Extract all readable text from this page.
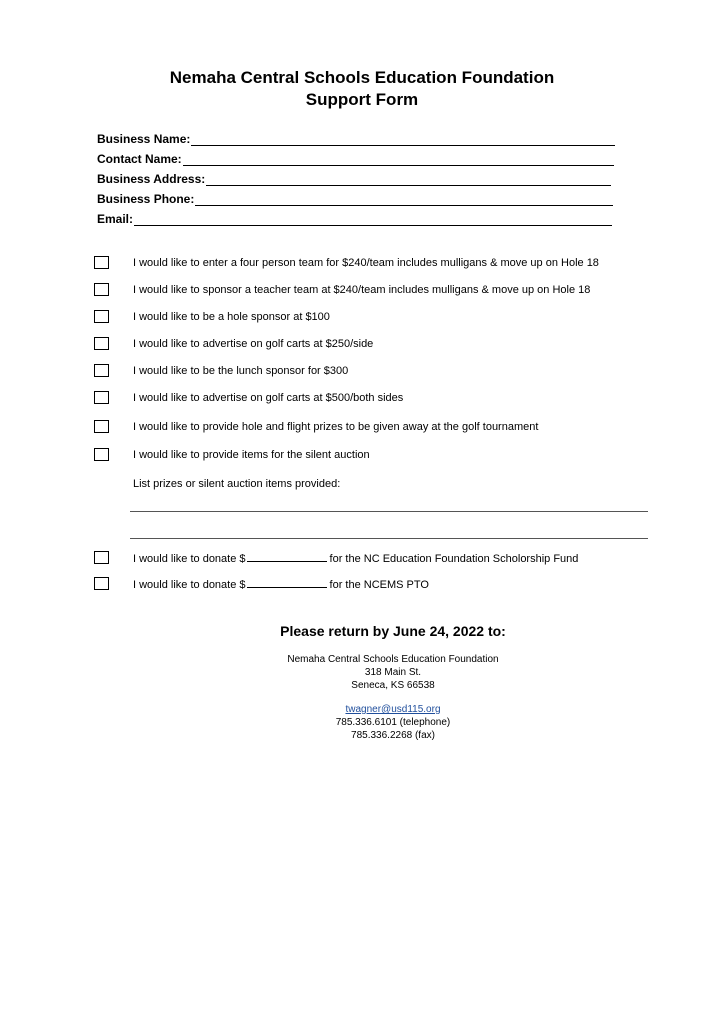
Nemaha Central Schools Education Foundation
Support Form
Business Name:
Contact Name:
Business Address:
Business Phone:
Email:
I would like to enter a four person team for $240/team includes mulligans & move up on Hole 18
I would like to sponsor a teacher team at $240/team includes mulligans & move up on Hole 18
I would like to be a hole sponsor at $100
I would like to advertise on golf carts at $250/side
I would like to be the lunch sponsor for $300
I would like to advertise on golf carts at $500/both sides
I would like to provide hole and flight prizes to be given away at the golf tournament
I would like to provide items for the silent auction
List prizes or silent auction items provided:
I would like to donate $	for the NC Education Foundation Scholorship Fund
I would like to donate $	for the NCEMS PTO
Please return by June 24, 2022 to:
Nemaha Central Schools Education Foundation
318 Main St.
Seneca, KS 66538
twagner@usd115.org
785.336.6101 (telephone)
785.336.2268 (fax)
